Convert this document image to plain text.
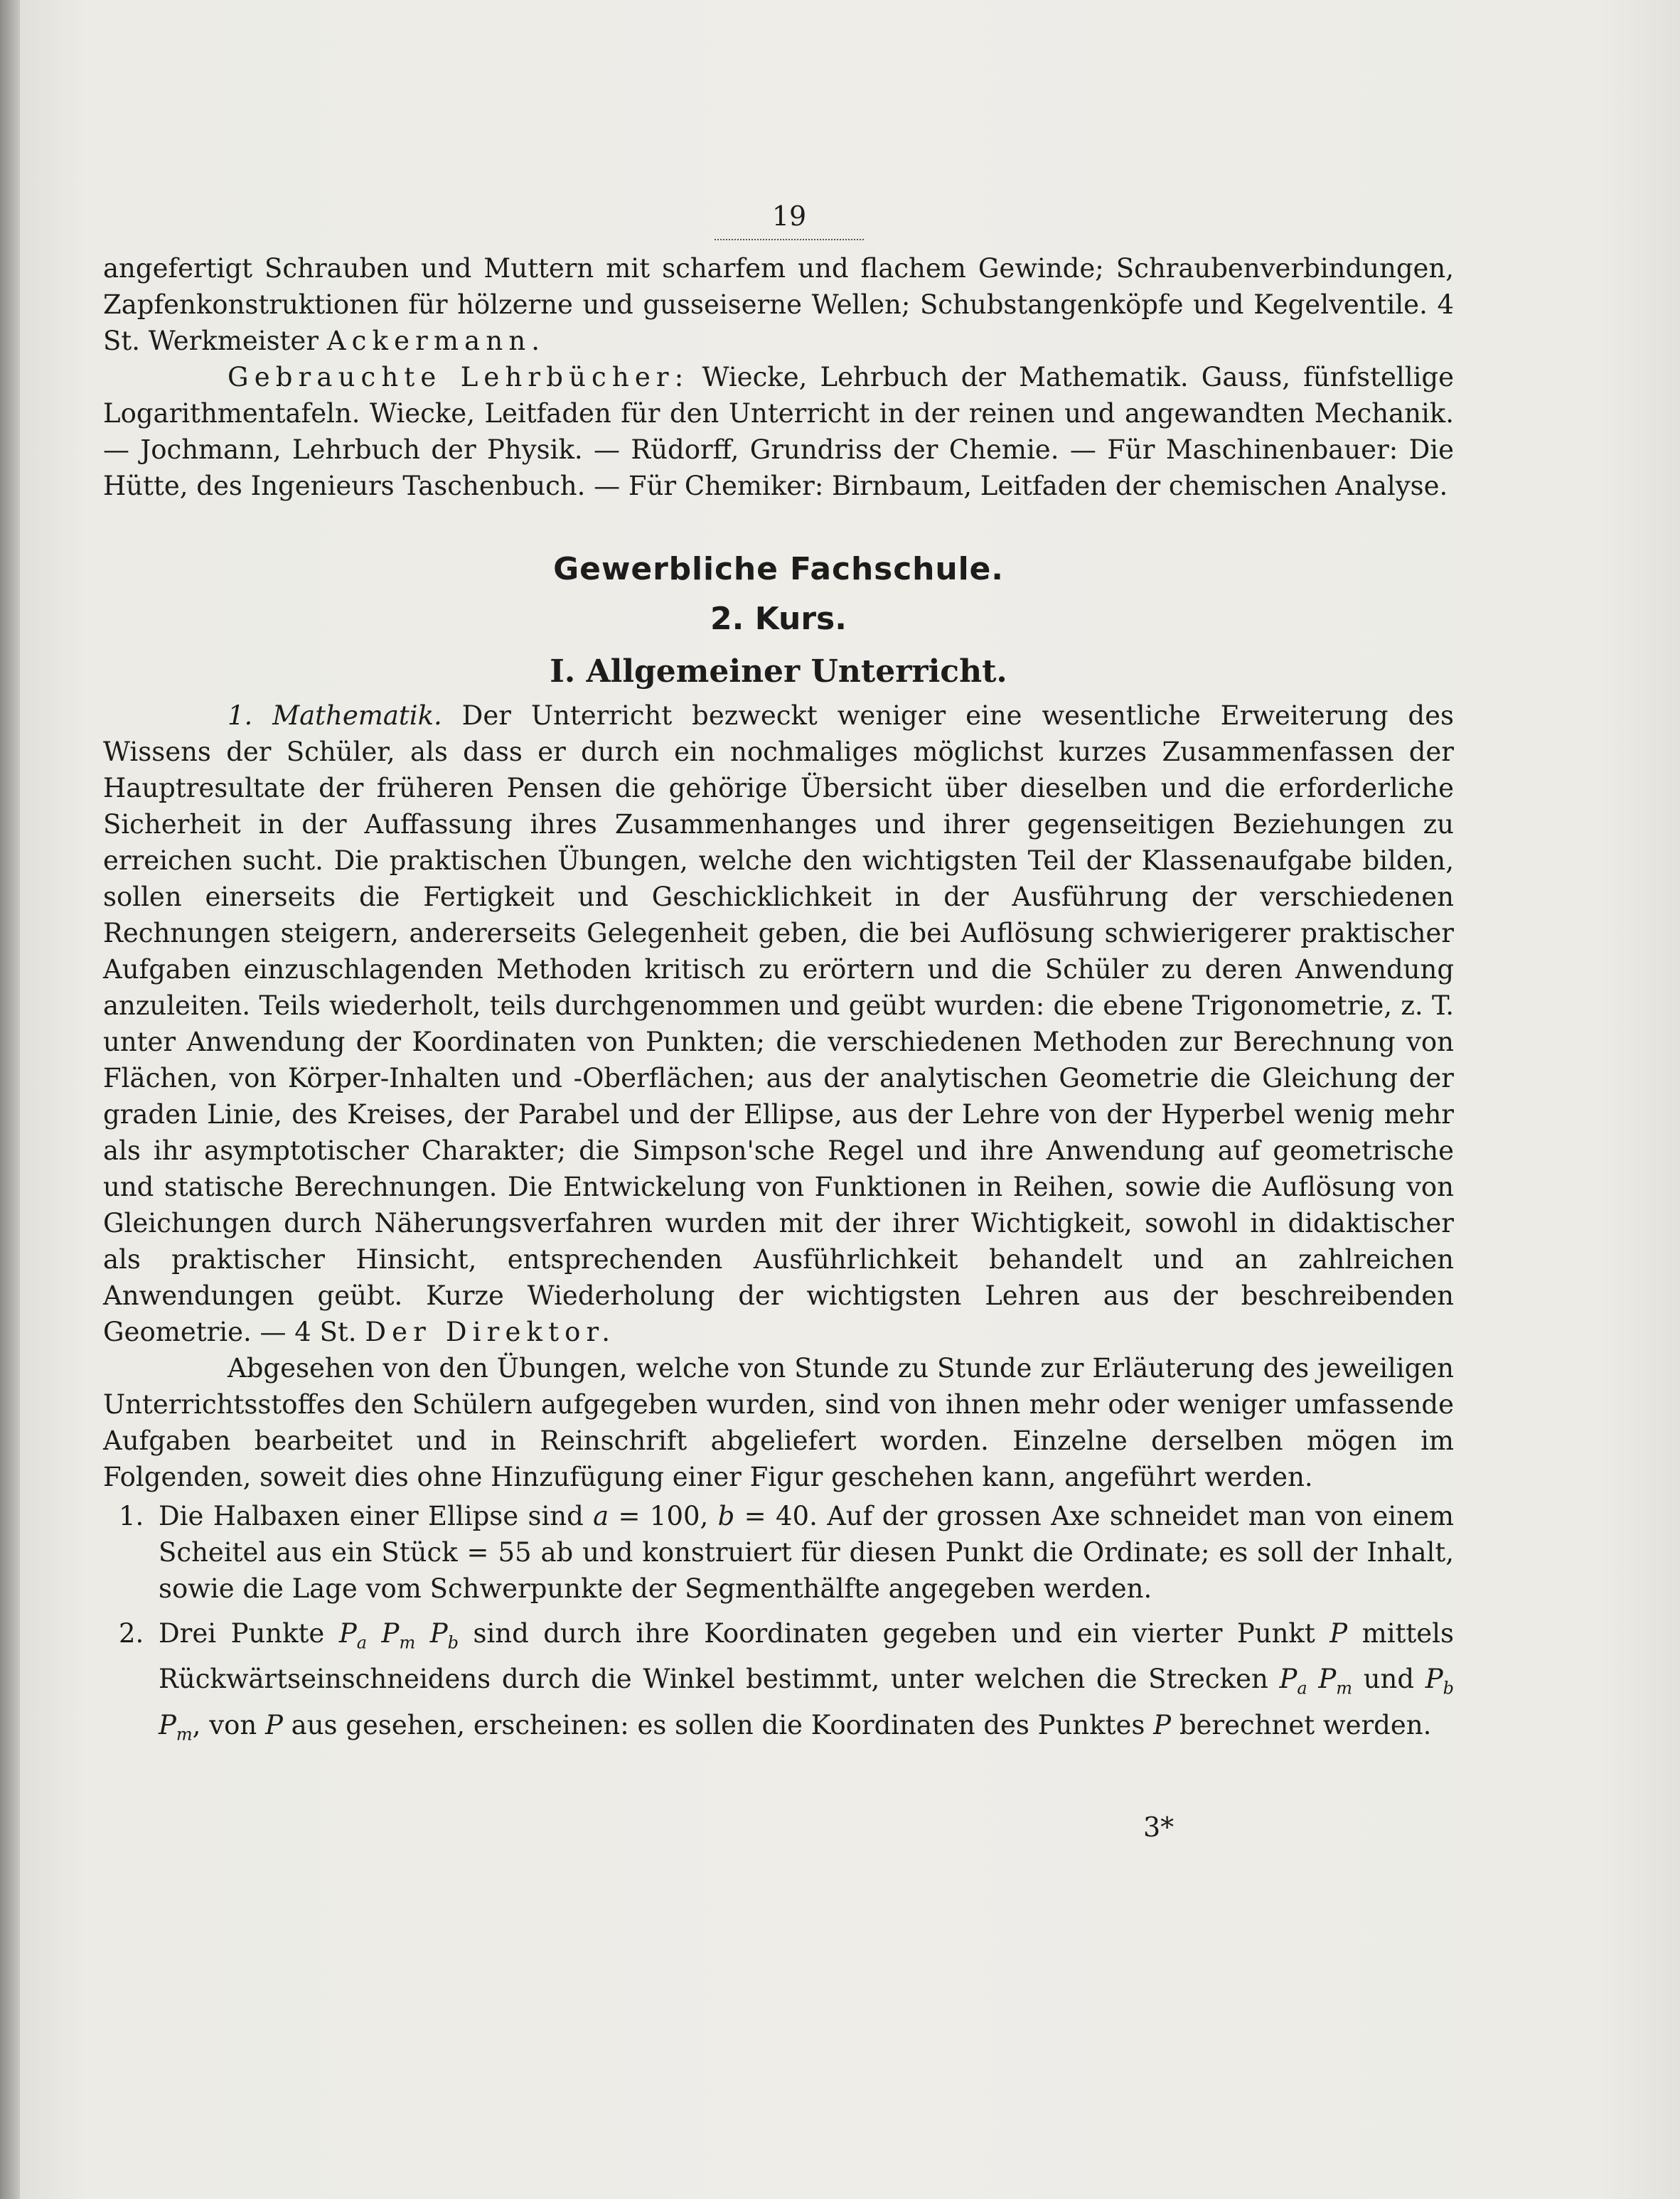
19

angefertigt Schrauben und Muttern mit scharfem und flachem Gewinde; Schraubenverbindungen, Zapfenkonstruktionen für hölzerne und gusseiserne Wellen; Schubstangenköpfe und Kegelventile. 4 St. Werkmeister Ackermann.

Gebrauchte Lehrbücher: Wiecke, Lehrbuch der Mathematik. Gauss, fünfstellige Logarithmentafeln. Wiecke, Leitfaden für den Unterricht in der reinen und angewandten Mechanik. — Jochmann, Lehrbuch der Physik. — Rüdorff, Grundriss der Chemie. — Für Maschinenbauer: Die Hütte, des Ingenieurs Taschenbuch. — Für Chemiker: Birnbaum, Leitfaden der chemischen Analyse.

Gewerbliche Fachschule.
2. Kurs.
I. Allgemeiner Unterricht.

1. Mathematik. Der Unterricht bezweckt weniger eine wesentliche Erweiterung des Wissens der Schüler, als dass er durch ein nochmaliges möglichst kurzes Zusammenfassen der Hauptresultate der früheren Pensen die gehörige Übersicht über dieselben und die erforderliche Sicherheit in der Auffassung ihres Zusammenhanges und ihrer gegenseitigen Beziehungen zu erreichen sucht. Die praktischen Übungen, welche den wichtigsten Teil der Klassenaufgabe bilden, sollen einerseits die Fertigkeit und Geschicklichkeit in der Ausführung der verschiedenen Rechnungen steigern, andererseits Gelegenheit geben, die bei Auflösung schwierigerer praktischer Aufgaben einzuschlagenden Methoden kritisch zu erörtern und die Schüler zu deren Anwendung anzuleiten. Teils wiederholt, teils durchgenommen und geübt wurden: die ebene Trigonometrie, z. T. unter Anwendung der Koordinaten von Punkten; die verschiedenen Methoden zur Berechnung von Flächen, von Körper-Inhalten und -Oberflächen; aus der analytischen Geometrie die Gleichung der graden Linie, des Kreises, der Parabel und der Ellipse, aus der Lehre von der Hyperbel wenig mehr als ihr asymptotischer Charakter; die Simpson'sche Regel und ihre Anwendung auf geometrische und statische Berechnungen. Die Entwickelung von Funktionen in Reihen, sowie die Auflösung von Gleichungen durch Näherungsverfahren wurden mit der ihrer Wichtigkeit, sowohl in didaktischer als praktischer Hinsicht, entsprechenden Ausführlichkeit behandelt und an zahlreichen Anwendungen geübt. Kurze Wiederholung der wichtigsten Lehren aus der beschreibenden Geometrie. — 4 St. Der Direktor.

Abgesehen von den Übungen, welche von Stunde zu Stunde zur Erläuterung des jeweiligen Unterrichtsstoffes den Schülern aufgegeben wurden, sind von ihnen mehr oder weniger umfassende Aufgaben bearbeitet und in Reinschrift abgeliefert worden. Einzelne derselben mögen im Folgenden, soweit dies ohne Hinzufügung einer Figur geschehen kann, angeführt werden.

1. Die Halbaxen einer Ellipse sind a = 100, b = 40. Auf der grossen Axe schneidet man von einem Scheitel aus ein Stück = 55 ab und konstruiert für diesen Punkt die Ordinate; es soll der Inhalt, sowie die Lage vom Schwerpunkte der Segmenthälfte angegeben werden.
2. Drei Punkte $P_a$ $P_m$ $P_b$ sind durch ihre Koordinaten gegeben und ein vierter Punkt P mittels Rückwärtseinschneidens durch die Winkel bestimmt, unter welchen die Strecken $P_a$ $P_m$ und $P_b$ $P_m$, von P aus gesehen, erscheinen: es sollen die Koordinaten des Punktes P berechnet werden.
3*
